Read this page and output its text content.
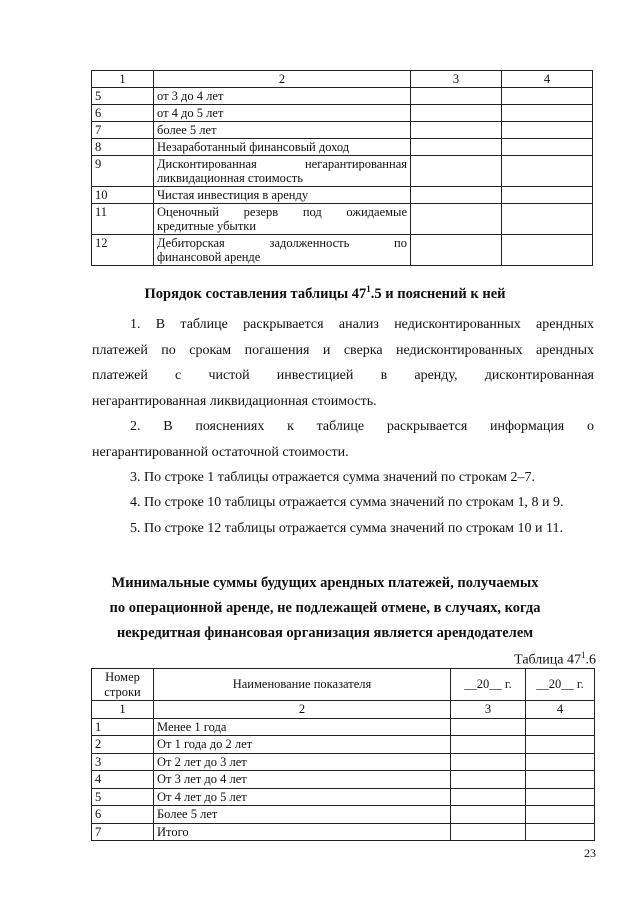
1	2	3	4
5	от 3 до 4 лет		
6	от 4 до 5 лет		
7	более 5 лет		
8	Незаработанный финансовый доход		
9	Дисконтированная негарантированная
ликвидационная стоимость		

10	Чистая инвестиция в аренду		
11	Оценочный резерв под ожидаемые
кредитные убытки		

12	Дебиторская задолженность по
финансовой аренде		

Порядок составления таблицы $47^1.5$ и пояснений к ней
1. В таблице раскрывается анализ недисконтированных арендных
платежей по срокам погашения и сверка недисконтированных арендных
платежей с чистой инвестицией в аренду, дисконтированная
негарантированная ликвидационная стоимость.
2. В пояснениях к таблице раскрывается информация о
негарантированной остаточной стоимости.
3. По строке 1 таблицы отражается сумма значений по строкам 2–7.
4. По строке 10 таблицы отражается сумма значений по строкам 1, 8 и 9.
5. По строке 12 таблицы отражается сумма значений по строкам 10 и 11.
Минимальные суммы будущих арендных платежей, получаемых
по операционной аренде, не подлежащей отмене, в случаях, когда
некредитная финансовая организация является арендодателем
Таблица $47^1.6$
Номер
строки	Наименование показателя	__20__ г.	__20__ г.
1	2	3	4
1	Менее 1 года		
2	От 1 года до 2 лет		
3	От 2 лет до 3 лет		
4	От 3 лет до 4 лет		
5	От 4 лет до 5 лет		
6	Более 5 лет		
7	Итого		
23
